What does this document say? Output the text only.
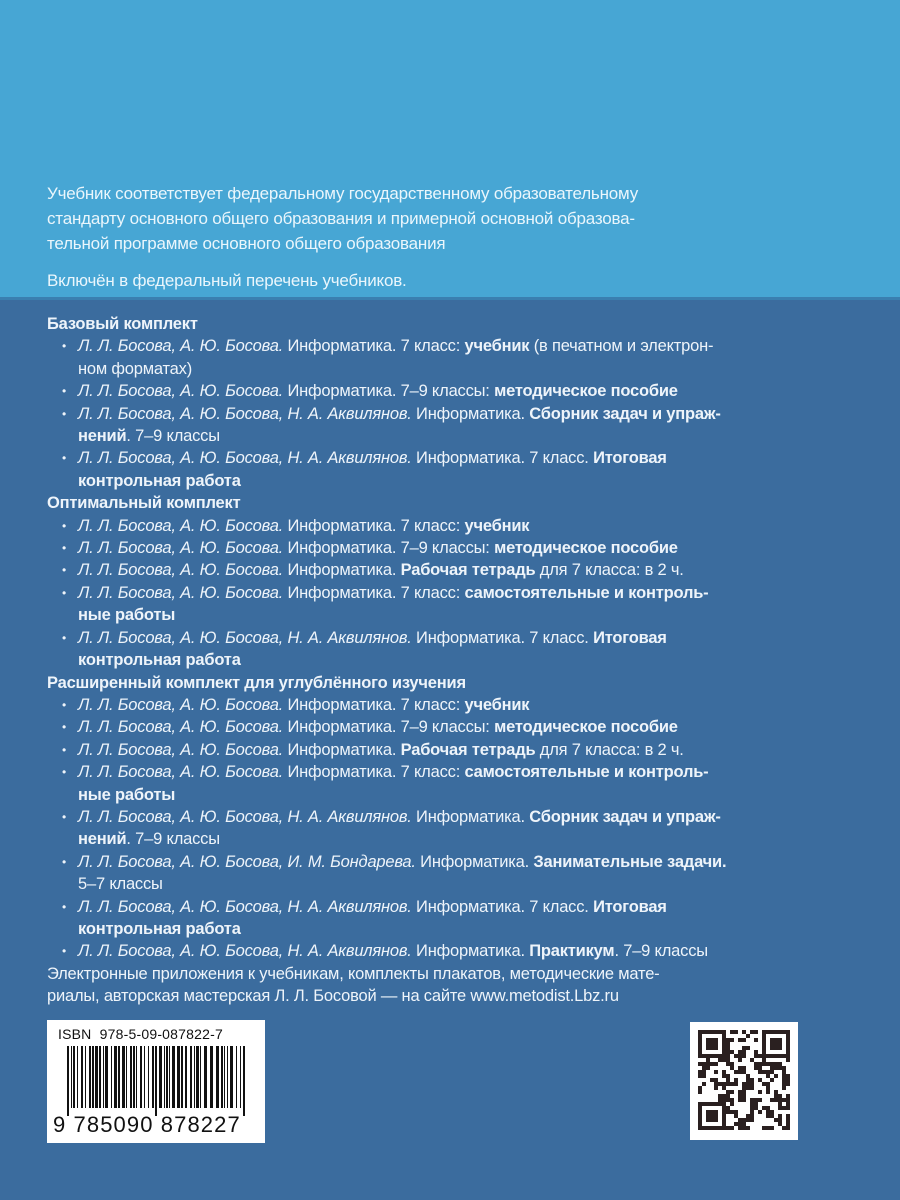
Учебник соответствует федеральному государственному образовательному

стандарту основного общего образования и примерной основной образова-

тельной программе основного общего образования

Включён в федеральный перечень учебников.

Базовый комплект

• Л. Л. Босова, А. Ю. Босова. Информатика. 7 класс: учебник (в печатном и электрон-
ном форматах)
• Л. Л. Босова, А. Ю. Босова. Информатика. 7–9 классы: методическое пособие
• Л. Л. Босова, А. Ю. Босова, Н. А. Аквилянов. Информатика. Сборник задач и упраж-
нений. 7–9 классы
• Л. Л. Босова, А. Ю. Босова, Н. А. Аквилянов. Информатика. 7 класс. Итоговая
контрольная работа

Оптимальный комплект

• Л. Л. Босова, А. Ю. Босова. Информатика. 7 класс: учебник
• Л. Л. Босова, А. Ю. Босова. Информатика. 7–9 классы: методическое пособие
• Л. Л. Босова, А. Ю. Босова. Информатика. Рабочая тетрадь для 7 класса: в 2 ч.
• Л. Л. Босова, А. Ю. Босова. Информатика. 7 класс: самостоятельные и контроль-
ные работы
• Л. Л. Босова, А. Ю. Босова, Н. А. Аквилянов. Информатика. 7 класс. Итоговая
контрольная работа

Расширенный комплект для углублённого изучения

• Л. Л. Босова, А. Ю. Босова. Информатика. 7 класс: учебник
• Л. Л. Босова, А. Ю. Босова. Информатика. 7–9 классы: методическое пособие
• Л. Л. Босова, А. Ю. Босова. Информатика. Рабочая тетрадь для 7 класса: в 2 ч.
• Л. Л. Босова, А. Ю. Босова. Информатика. 7 класс: самостоятельные и контроль-
ные работы
• Л. Л. Босова, А. Ю. Босова, Н. А. Аквилянов. Информатика. Сборник задач и упраж-
нений. 7–9 классы
• Л. Л. Босова, А. Ю. Босова, И. М. Бондарева. Информатика. Занимательные задачи.
5–7 классы
• Л. Л. Босова, А. Ю. Босова, Н. А. Аквилянов. Информатика. 7 класс. Итоговая
контрольная работа
• Л. Л. Босова, А. Ю. Босова, Н. А. Аквилянов. Информатика. Практикум. 7–9 классы

Электронные приложения к учебникам, комплекты плакатов, методические мате-
риалы, авторская мастерская Л. Л. Босовой — на сайте www.metodist.Lbz.ru

ISBN 978-5-09-087822-7
9 785090 878227
